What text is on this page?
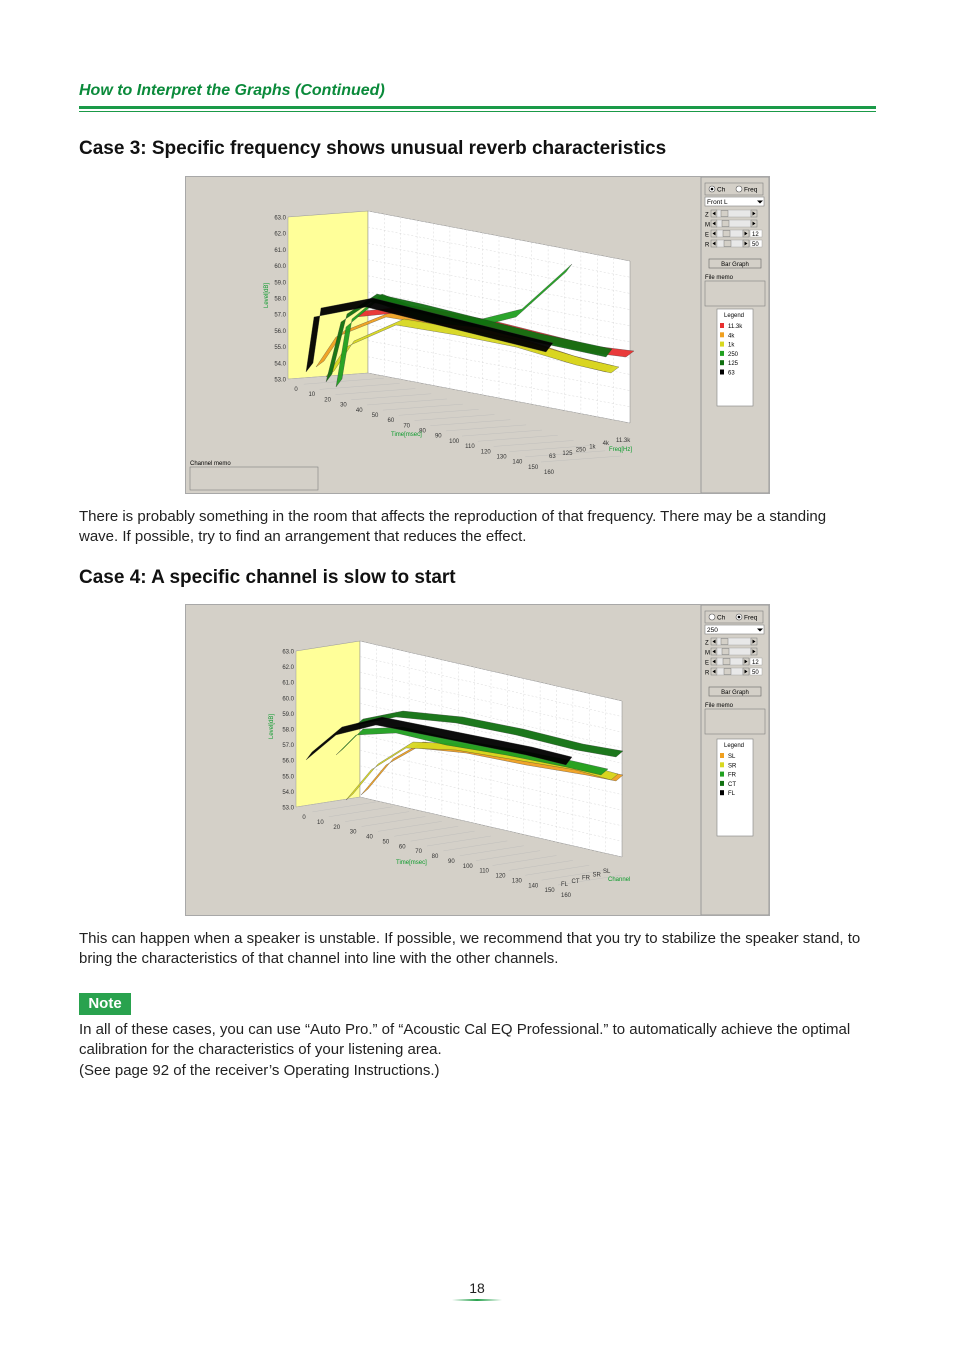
How to Interpret the Graphs (Continued)
Case 3: Specific frequency shows unusual reverb characteristics
Ch	Freq
Front L
Z
M
E	12
R	50
Bar Graph
File memo
Legend
11.3k
4k
1k
250
125
63
Channel memo
63.0
62.0
61.0
60.0
59.0
58.0
57.0
56.0
55.0
54.0
53.0
Level[dB]
0
10
20
30
40
50
60
70
80
90
100
110
120
130
140
150
160
Time[msec]
63
125
250
1k
4k
11.3k
Freq[Hz]

There is probably something in the room that affects the reproduction of that frequency. There may be a standing wave. If possible, try to find an arrangement that reduces the effect.

Case 4: A specific channel is slow to start
Ch	Freq
250
Z
M
E	12
R	50
Bar Graph
File memo
Legend
SL
SR
FR
CT
FL
63.0
62.0
61.0
60.0
59.0
58.0
57.0
56.0
55.0
54.0
53.0
Level[dB]
0
10
20
30
40
50
60
70
80
90
100
110
120
130
140
150
160
Time[msec]
FL
CT
FR
SR
SL
Channel

This can happen when a speaker is unstable. If possible, we recommend that you try to stabilize the speaker stand, to bring the characteristics of that channel into line with the other channels.

Note

In all of these cases, you can use “Auto Pro.” of “Acoustic Cal EQ Professional.” to automatically achieve the optimal calibration for the characteristics of your listening area.

(See page 92 of the receiver’s Operating Instructions.)

18
